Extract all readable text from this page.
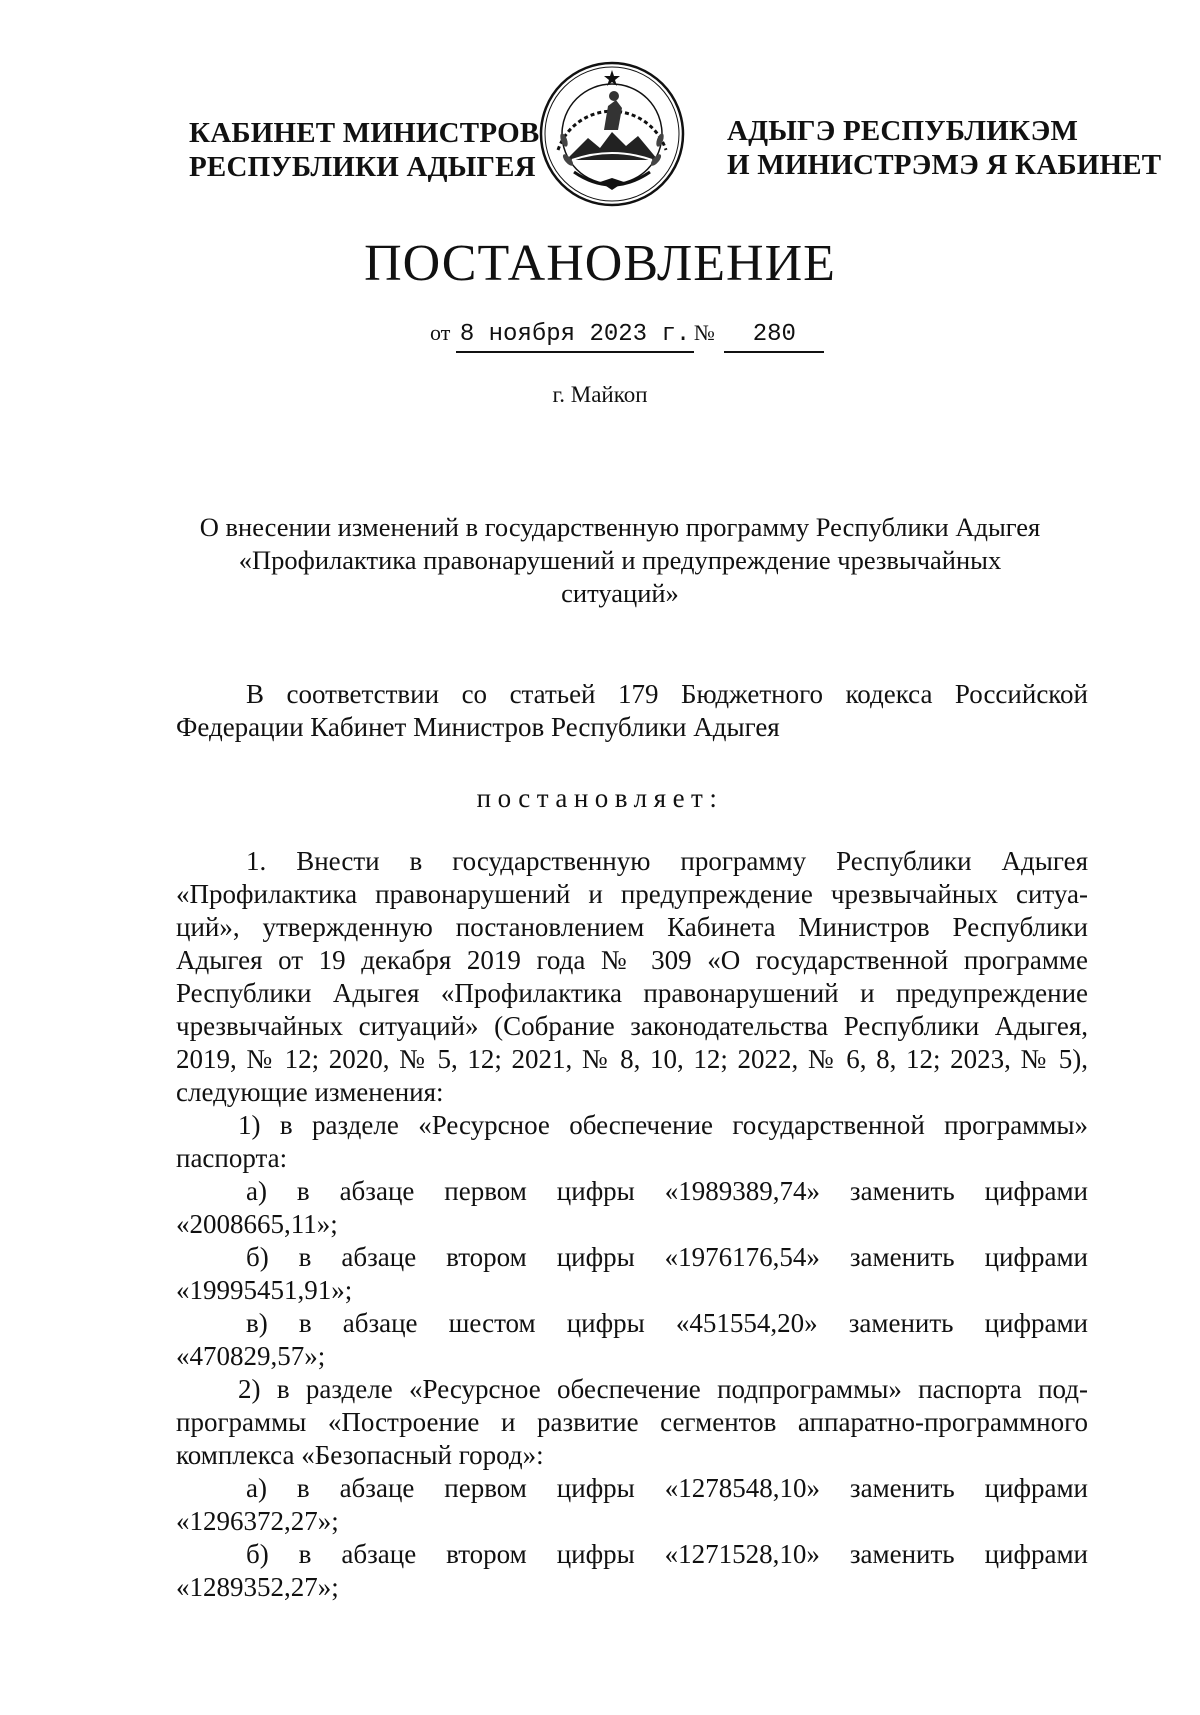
КАБИНЕТ МИНИСТРОВ
РЕСПУБЛИКИ АДЫГЕЯ
АДЫГЭ РЕСПУБЛИКЭМ
И МИНИСТРЭМЭ Я КАБИНЕТ
ПОСТАНОВЛЕНИЕ
от 8 ноября 2023 г. № 280
г. Майкоп
О внесении изменений в государственную программу Республики Адыгея
«Профилактика правонарушений и предупреждение чрезвычайных
ситуаций»
В соответствии со статьей 179 Бюджетного кодекса Российской
Федерации Кабинет Министров Республики Адыгея
постановляет:
1. Внести в государственную программу Республики Адыгея
«Профилактика правонарушений и предупреждение чрезвычайных ситуа-
ций», утвержденную постановлением Кабинета Министров Республики
Адыгея от 19 декабря 2019 года № 309 «О государственной программе
Республики Адыгея «Профилактика правонарушений и предупреждение
чрезвычайных ситуаций» (Собрание законодательства Республики Адыгея,
2019, № 12; 2020, № 5, 12; 2021, № 8, 10, 12; 2022, № 6, 8, 12; 2023, № 5),
следующие изменения:
1) в разделе «Ресурсное обеспечение государственной программы»
паспорта:
а) в абзаце первом цифры «1989389,74» заменить цифрами
«2008665,11»;
б) в абзаце втором цифры «1976176,54» заменить цифрами
«19995451,91»;
в) в абзаце шестом цифры «451554,20» заменить цифрами
«470829,57»;
2) в разделе «Ресурсное обеспечение подпрограммы» паспорта под-
программы «Построение и развитие сегментов аппаратно-программного
комплекса «Безопасный город»:
а) в абзаце первом цифры «1278548,10» заменить цифрами
«1296372,27»;
б) в абзаце втором цифры «1271528,10» заменить цифрами
«1289352,27»;
